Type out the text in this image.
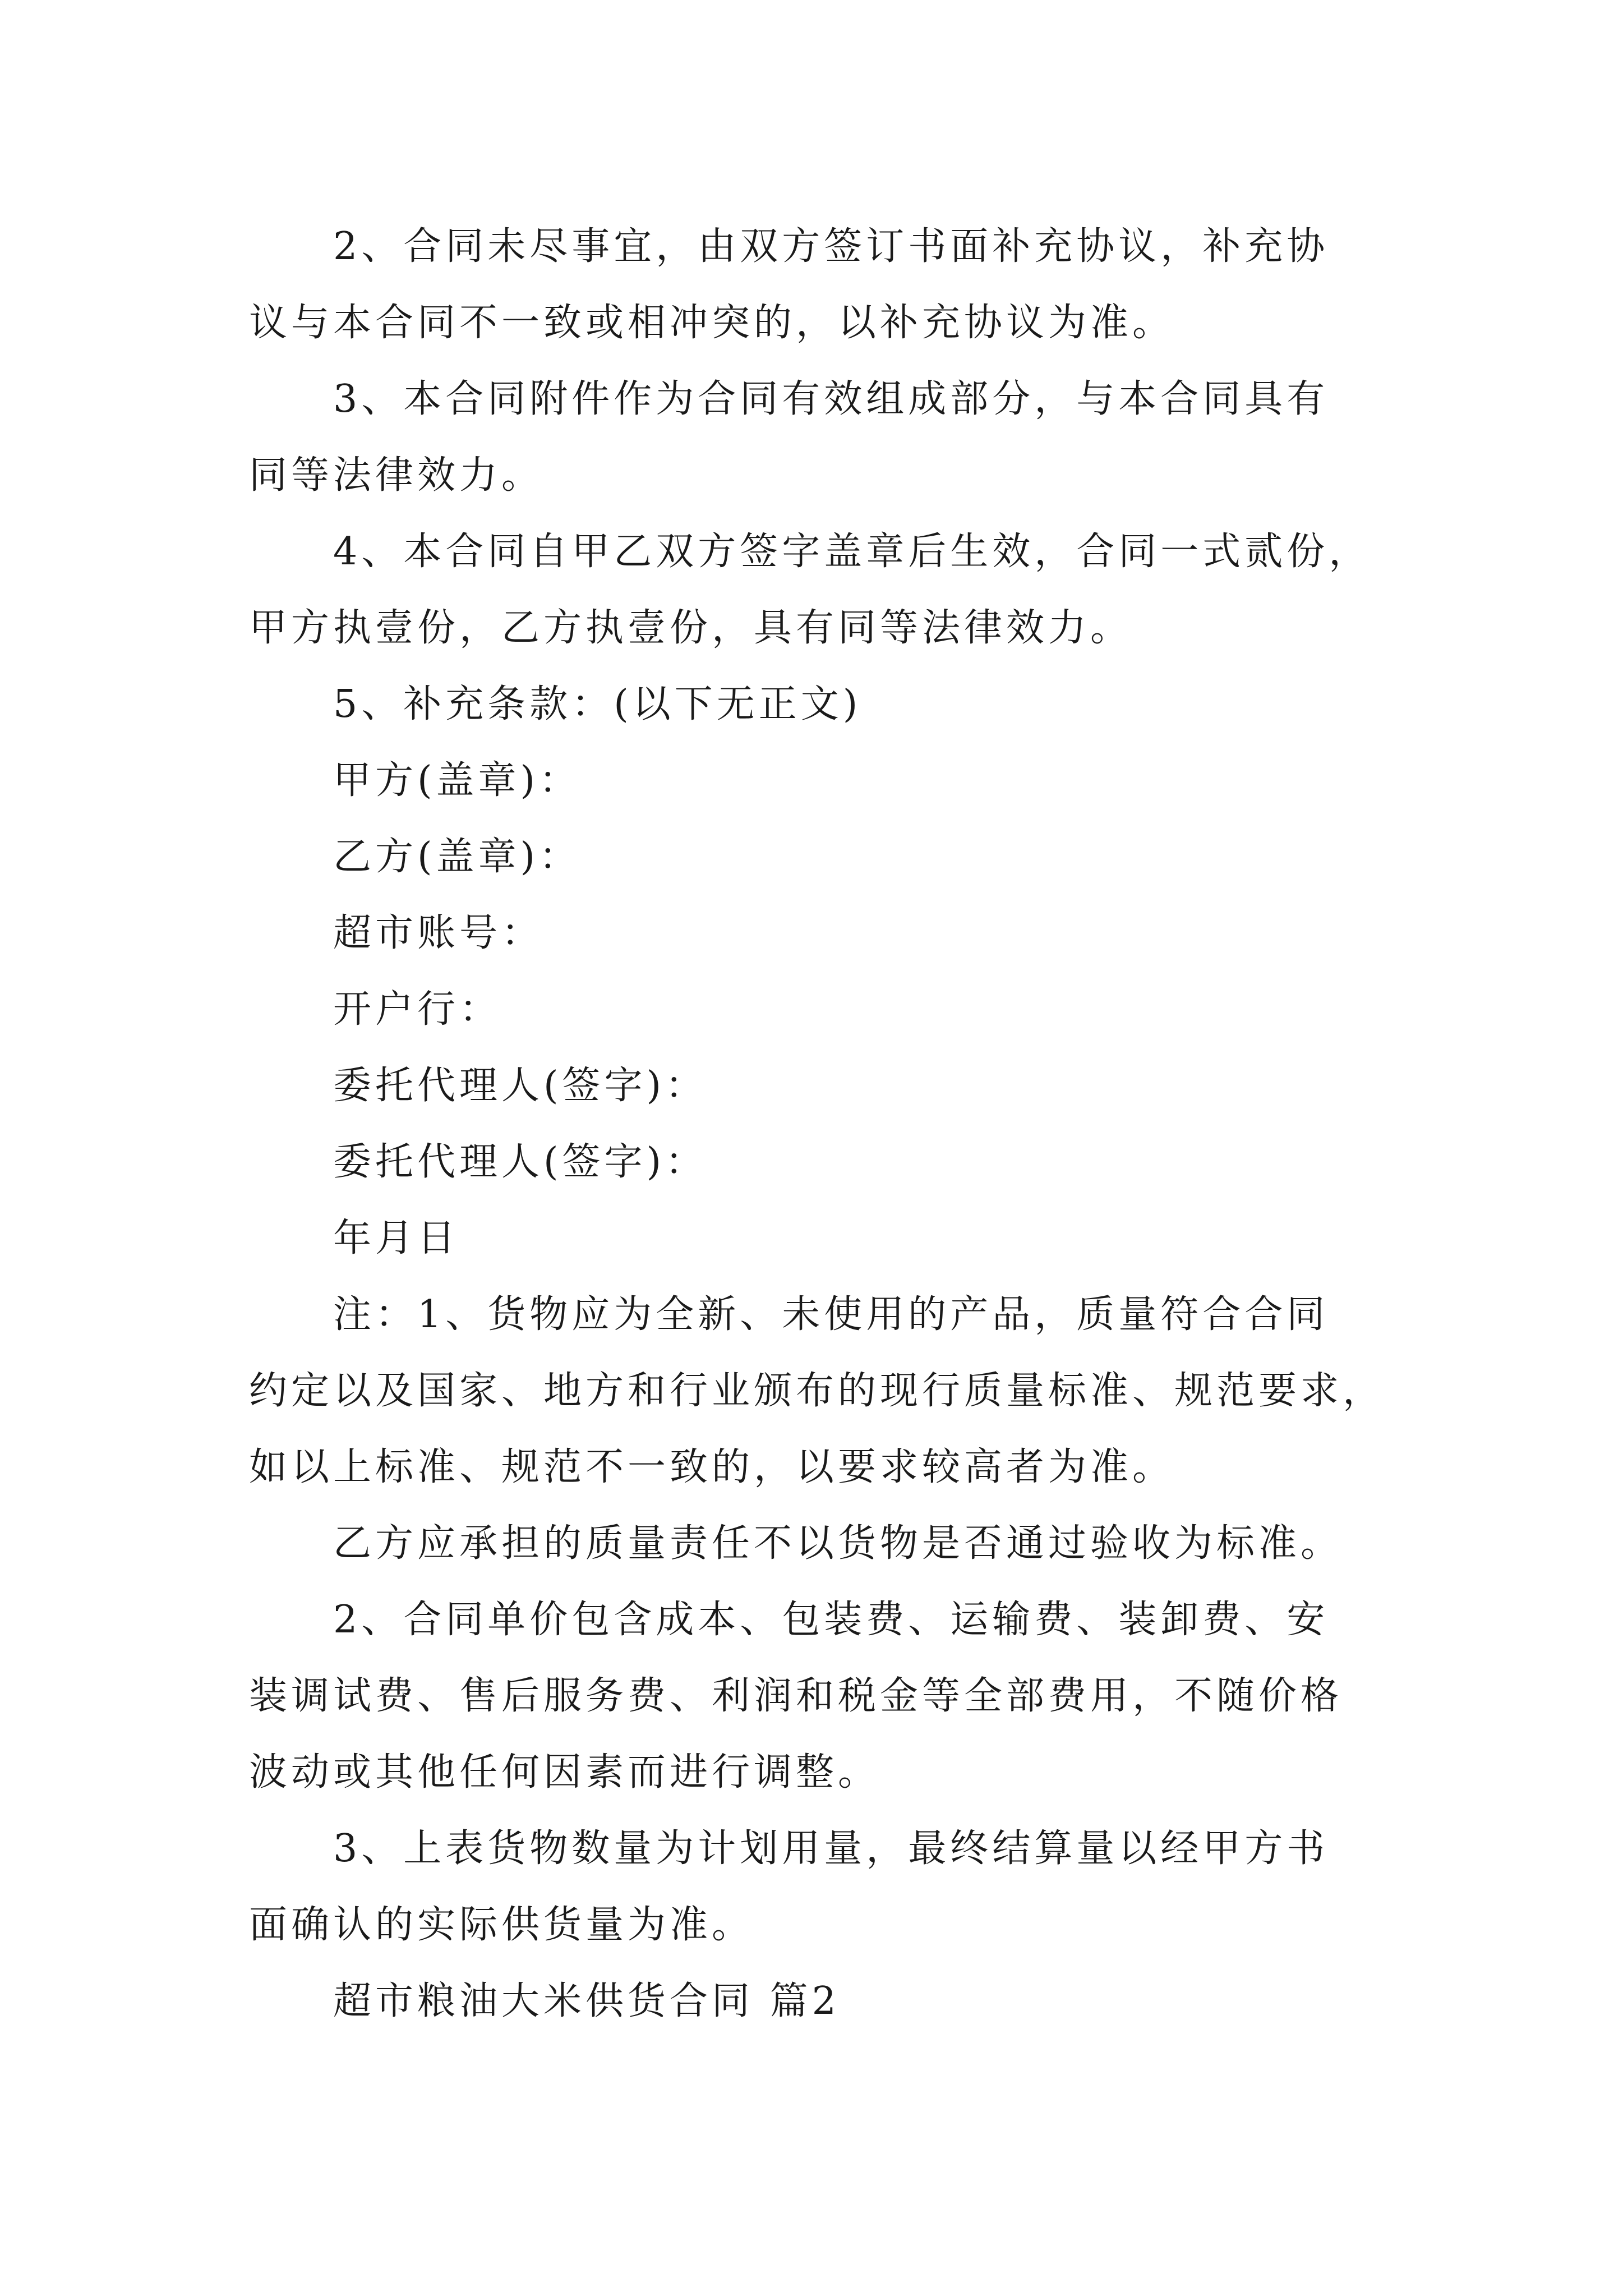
2、合同未尽事宜，由双方签订书面补充协议，补充协
议与本合同不一致或相冲突的，以补充协议为准。
3、本合同附件作为合同有效组成部分，与本合同具有
同等法律效力。
4、本合同自甲乙双方签字盖章后生效，合同一式贰份，
甲方执壹份，乙方执壹份，具有同等法律效力。
5、补充条款：(以下无正文)
甲方(盖章)：
乙方(盖章)：
超市账号：
开户行：
委托代理人(签字)：
委托代理人(签字)：
年月日
注：1、货物应为全新、未使用的产品，质量符合合同
约定以及国家、地方和行业颁布的现行质量标准、规范要求，
如以上标准、规范不一致的，以要求较高者为准。
乙方应承担的质量责任不以货物是否通过验收为标准。
2、合同单价包含成本、包装费、运输费、装卸费、安
装调试费、售后服务费、利润和税金等全部费用，不随价格
波动或其他任何因素而进行调整。
3、上表货物数量为计划用量，最终结算量以经甲方书
面确认的实际供货量为准。
超市粮油大米供货合同 篇2
